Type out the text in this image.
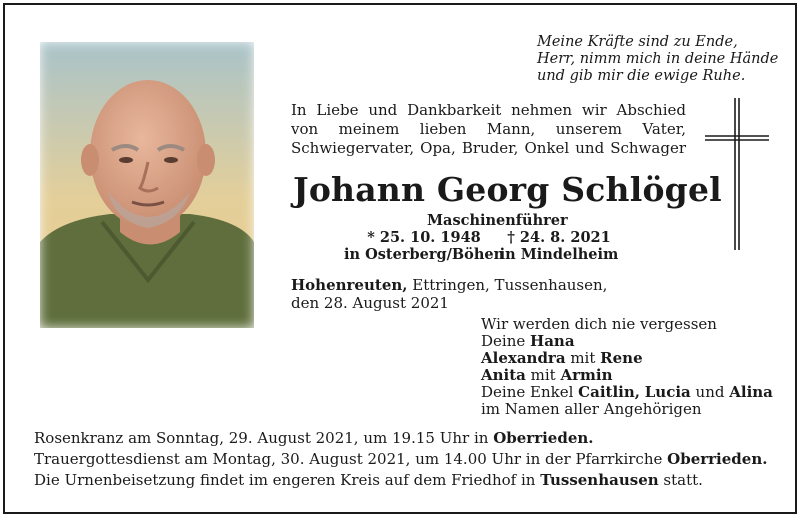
Meine Kräfte sind zu Ende,
Herr, nimm mich in deine Hände
und gib mir die ewige Ruhe.
In Liebe und Dankbarkeit nehmen wir Abschied
von meinem lieben Mann, unserem Vater,
Schwiegervater, Opa, Bruder, Onkel und Schwager
Johann Georg Schlögel
Maschinenführer
* 25. 10. 1948
in Osterberg/Böhen
† 24. 8. 2021
in Mindelheim
Hohenreuten, Ettringen, Tussenhausen,
den 28. August 2021
Wir werden dich nie vergessen
Deine Hana
Alexandra mit Rene
Anita mit Armin
Deine Enkel Caitlin, Lucia und Alina
im Namen aller Angehörigen
Rosenkranz am Sonntag, 29. August 2021, um 19.15 Uhr in Oberrieden.
Trauergottesdienst am Montag, 30. August 2021, um 14.00 Uhr in der Pfarrkirche Oberrieden.
Die Urnenbeisetzung findet im engeren Kreis auf dem Friedhof in Tussenhausen statt.
